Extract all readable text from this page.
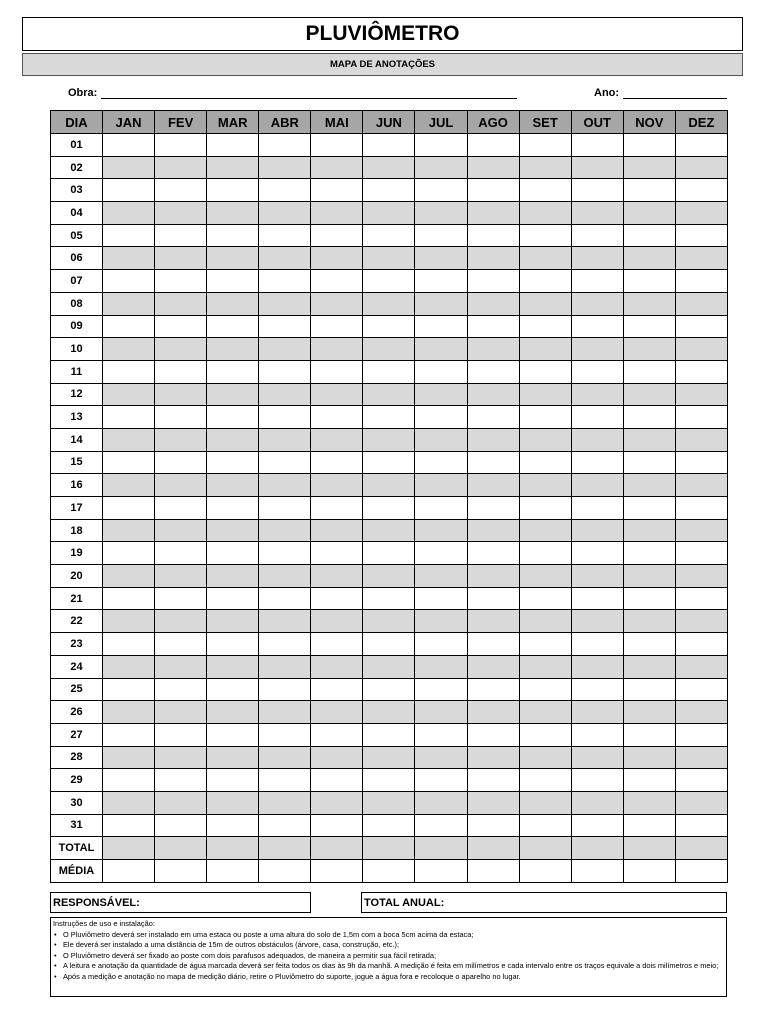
PLUVIÔMETRO
MAPA DE ANOTAÇÕES
Obra:	Ano:
DIA	JAN	FEV	MAR	ABR	MAI	JUN	JUL	AGO	SET	OUT	NOV	DEZ
01												
02												
03												
04												
05												
06												
07												
08												
09												
10												
11												
12												
13												
14												
15												
16												
17												
18												
19												
20												
21												
22												
23												
24												
25												
26												
27												
28												
29												
30												
31												
TOTAL												
MÉDIA												
RESPONSÁVEL:	TOTAL ANUAL:
Instruções de uso e instalação:
• O Pluviômetro deverá ser instalado em uma estaca ou poste a uma altura do solo de 1,5m com a boca 5cm acima da estaca;
• Ele deverá ser instalado a uma distância de 15m de outros obstáculos (árvore, casa, construção, etc.);
• O Pluviômetro deverá ser fixado ao poste com dois parafusos adequados, de maneira a permitir sua fácil retirada;
• A leitura e anotação da quantidade de água marcada deverá ser feita todos os dias às 9h da manhã. A medição é feita em milímetros e cada intervalo entre os traços equivale a dois milímetros e meio;
• Após a medição e anotação no mapa de medição diário, retire o Pluviômetro do suporte, jogue a água fora e recoloque o aparelho no lugar.
